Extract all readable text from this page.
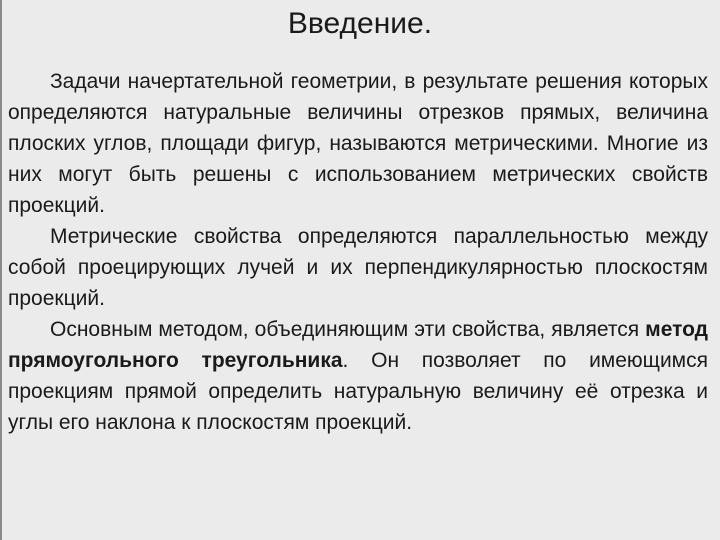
Введение.

Задачи начертательной геометрии, в результате решения которых определяются натуральные величины отрезков прямых, величина плоских углов, площади фигур, называются метрическими. Многие из них могут быть решены с использованием метрических свойств проекций.

Метрические свойства определяются параллельностью между собой проецирующих лучей и их перпендикулярностью плоскостям проекций.

Основным методом, объединяющим эти свойства, является метод прямоугольного треугольника. Он позволяет по имеющимся проекциям прямой определить натуральную величину её отрезка и углы его наклона к плоскостям проекций.
